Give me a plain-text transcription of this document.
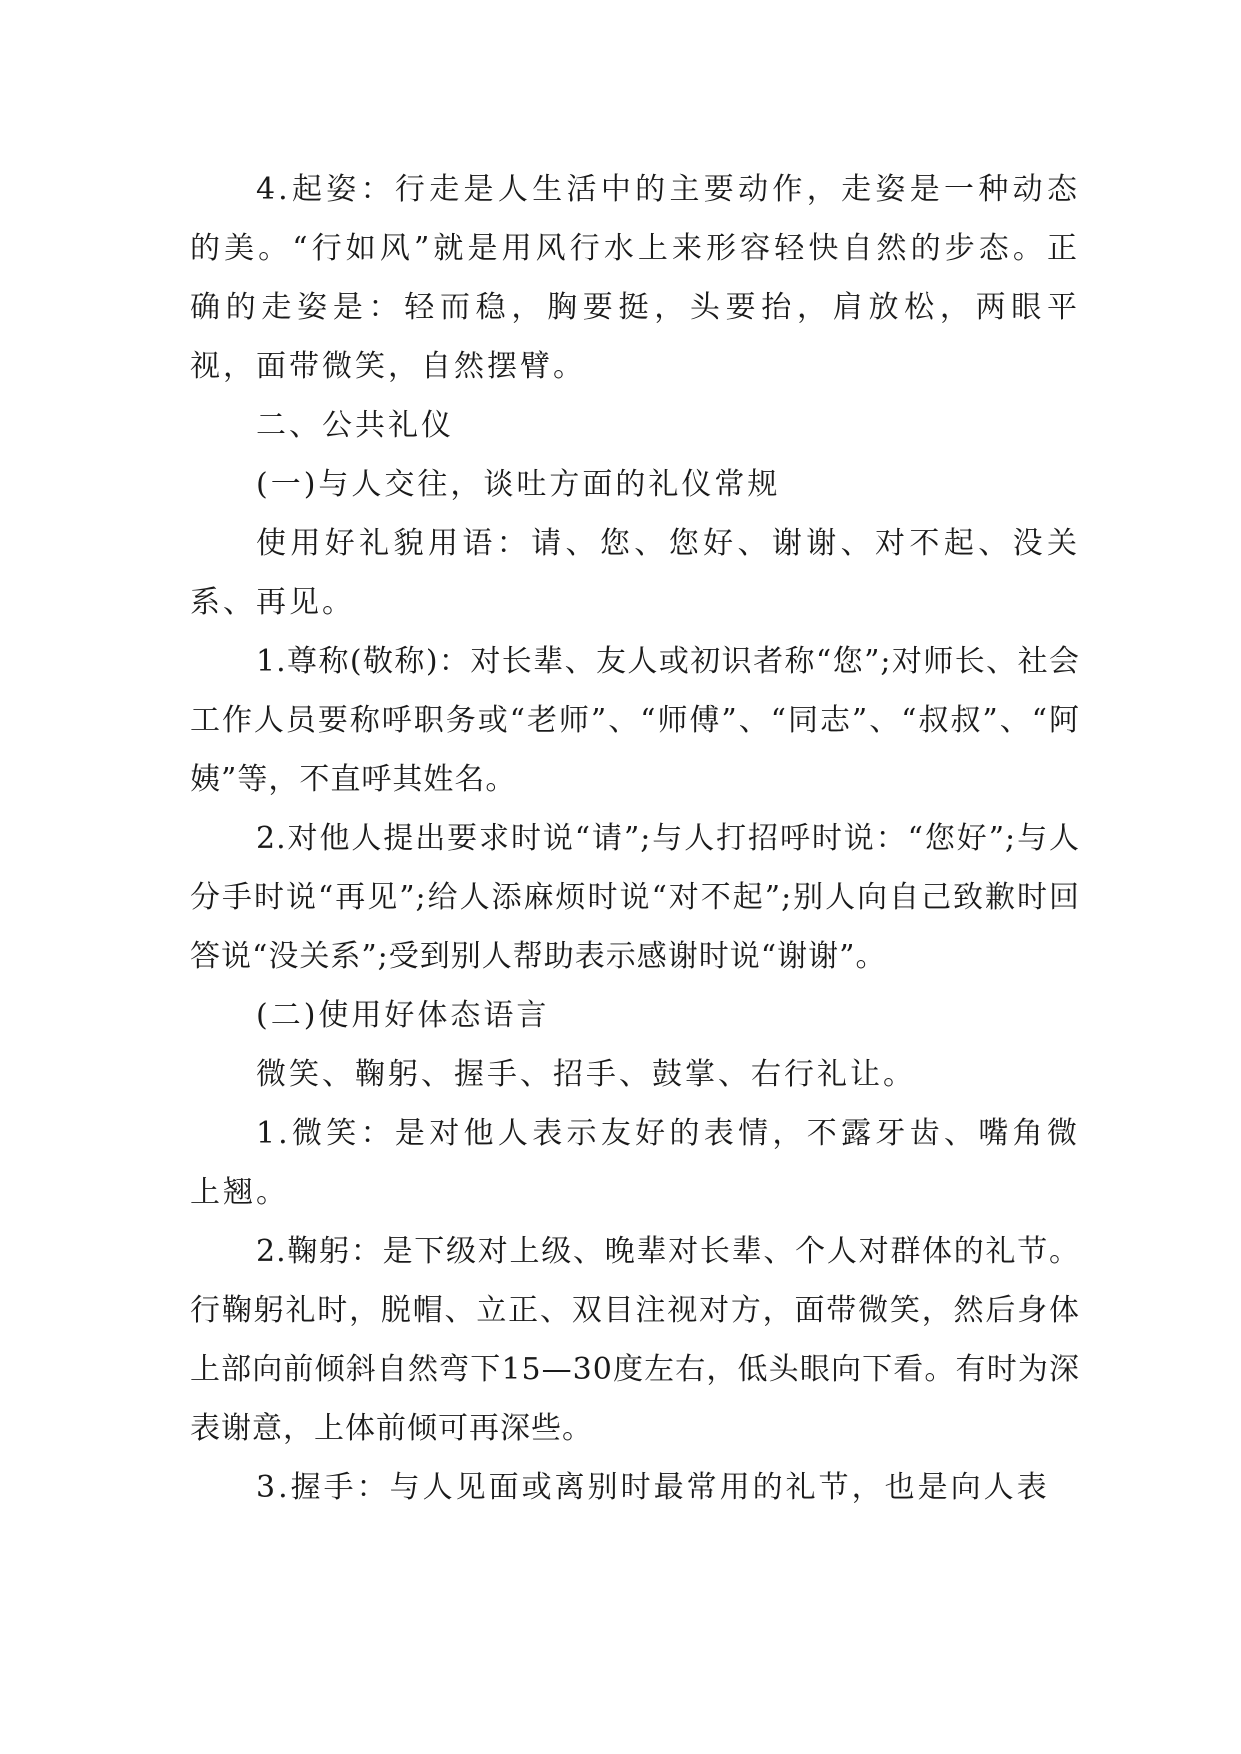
4.起姿：行走是人生活中的主要动作，走姿是一种动态的美。“行如风”就是用风行水上来形容轻快自然的步态。正确的走姿是：轻而稳，胸要挺，头要抬，肩放松，两眼平视，面带微笑，自然摆臂。

二、公共礼仪

(一)与人交往，谈吐方面的礼仪常规

使用好礼貌用语：请、您、您好、谢谢、对不起、没关系、再见。

1.尊称(敬称)：对长辈、友人或初识者称“您”;对师长、社会工作人员要称呼职务或“老师”、“师傅”、“同志”、“叔叔”、“阿姨”等，不直呼其姓名。

2.对他人提出要求时说“请”;与人打招呼时说：“您好”;与人分手时说“再见”;给人添麻烦时说“对不起”;别人向自己致歉时回答说“没关系”;受到别人帮助表示感谢时说“谢谢”。

(二)使用好体态语言

微笑、鞠躬、握手、招手、鼓掌、右行礼让。

1.微笑：是对他人表示友好的表情，不露牙齿、嘴角微上翘。

2.鞠躬：是下级对上级、晚辈对长辈、个人对群体的礼节。行鞠躬礼时，脱帽、立正、双目注视对方，面带微笑，然后身体上部向前倾斜自然弯下15—30度左右，低头眼向下看。有时为深表谢意，上体前倾可再深些。

3.握手：与人见面或离别时最常用的礼节，也是向人表
